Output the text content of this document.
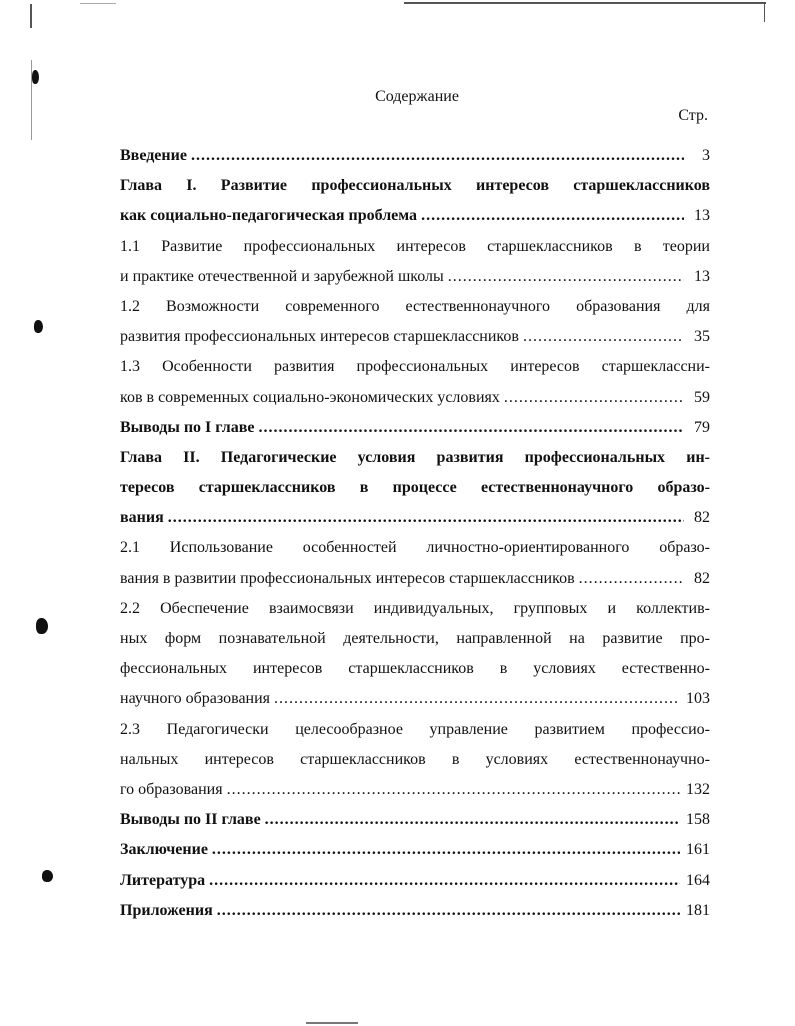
Содержание
Стр.
Введение .....	3
Глава I. Развитие профессиональных интересов старшеклассников
как социально-педагогическая проблема .....	13
1.1 Развитие профессиональных интересов старшеклассников в теории
и практике отечественной и зарубежной школы .....	13
1.2 Возможности современного естественнонаучного образования для
развития профессиональных интересов старшеклассников .....	35
1.3 Особенности развития профессиональных интересов старшеклассни-
ков в современных социально-экономических условиях .....	59
Выводы по I главе .....	79
Глава II. Педагогические условия развития профессиональных ин-
тересов старшеклассников в процессе естественнонаучного образо-
вания .....	82
2.1 Использование особенностей личностно-ориентированного образо-
вания в развитии профессиональных интересов старшеклассников .....	82
2.2 Обеспечение взаимосвязи индивидуальных, групповых и коллектив-
ных форм познавательной деятельности, направленной на развитие про-
фессиональных интересов старшеклассников в условиях естественно-
научного образования .....	103
2.3 Педагогически целесообразное управление развитием профессио-
нальных интересов старшеклассников в условиях естественнонаучно-
го образования .....	132
Выводы по II главе .....	158
Заключение .....	161
Литература .....	164
Приложения .....	181
